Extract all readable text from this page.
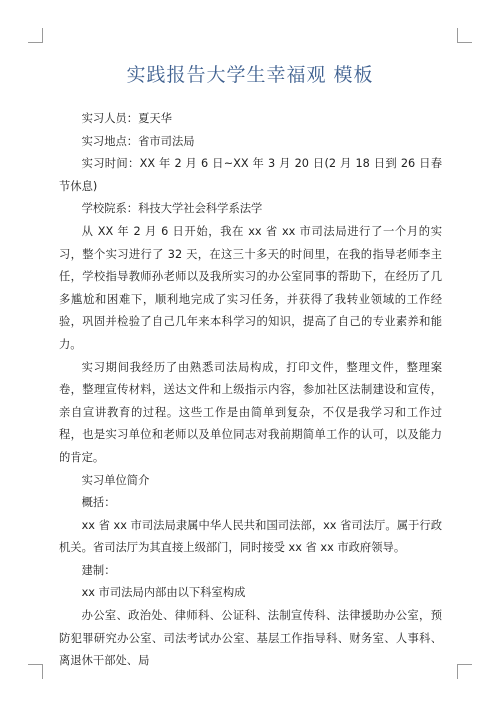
实践报告大学生幸福观 模板

实习人员：夏天华

实习地点：省市司法局

实习时间：XX 年 2 月 6 日~XX 年 3 月 20 日(2 月 18 日到 26 日春节休息)

学校院系：科技大学社会科学系法学

从 XX 年 2 月 6 日开始，我在 xx 省 xx 市司法局进行了一个月的实习，整个实习进行了 32 天，在这三十多天的时间里，在我的指导老师李主任，学校指导教师孙老师以及我所实习的办公室同事的帮助下，在经历了几多尴尬和困难下，顺利地完成了实习任务，并获得了我转业领域的工作经验，巩固并检验了自己几年来本科学习的知识，提高了自己的专业素养和能力。

实习期间我经历了由熟悉司法局构成，打印文件，整理文件，整理案卷，整理宣传材料，送达文件和上级指示内容，参加社区法制建设和宣传，亲自宣讲教育的过程。这些工作是由简单到复杂，不仅是我学习和工作过程，也是实习单位和老师以及单位同志对我前期简单工作的认可，以及能力的肯定。

实习单位简介

概括：

xx 省 xx 市司法局隶属中华人民共和国司法部，xx 省司法厅。属于行政机关。省司法厅为其直接上级部门，同时接受 xx 省 xx 市政府领导。

建制：

xx 市司法局内部由以下科室构成

办公室、政治处、律师科、公证科、法制宣传科、法律援助办公室，预防犯罪研究办公室、司法考试办公室、基层工作指导科、财务室、人事科、离退休干部处、局
